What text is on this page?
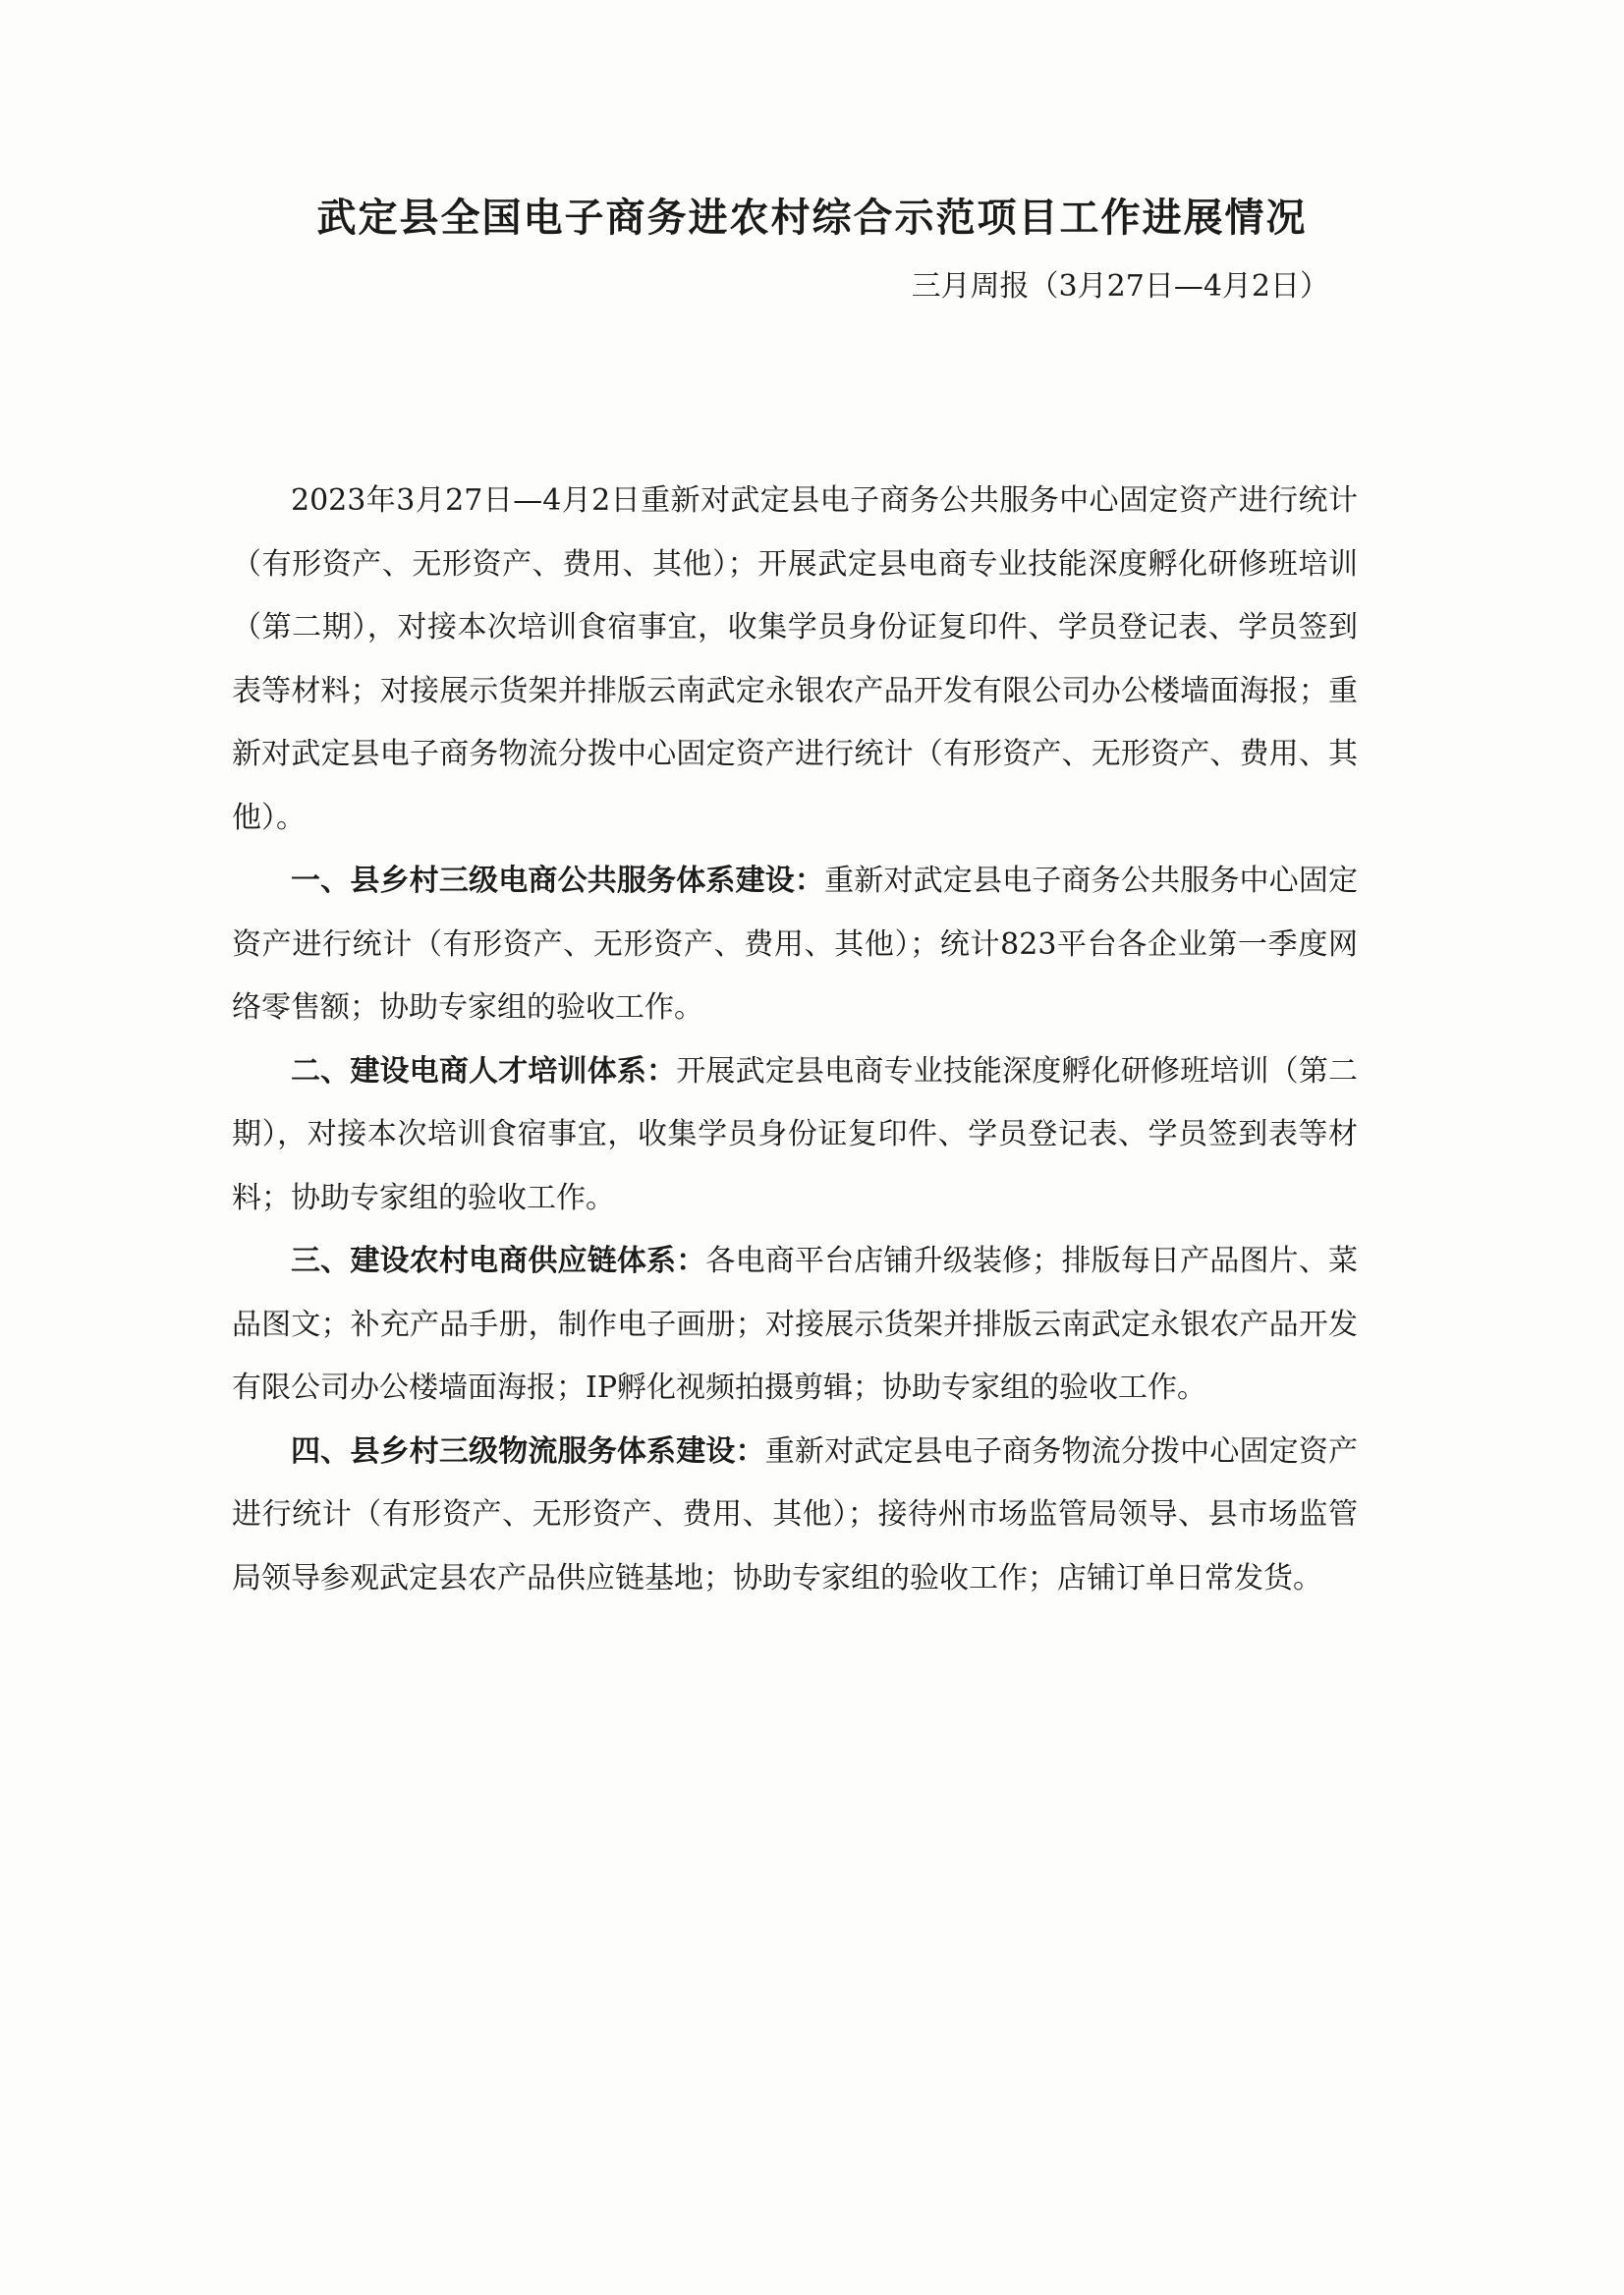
武定县全国电子商务进农村综合示范项目工作进展情况

三月周报（3月27日—4月2日）

2023年3月27日—4月2日重新对武定县电子商务公共服务中心固定资产进行统计（有形资产、无形资产、费用、其他）；开展武定县电商专业技能深度孵化研修班培训（第二期），对接本次培训食宿事宜，收集学员身份证复印件、学员登记表、学员签到表等材料；对接展示货架并排版云南武定永银农产品开发有限公司办公楼墙面海报；重新对武定县电子商务物流分拨中心固定资产进行统计（有形资产、无形资产、费用、其他）。

一、县乡村三级电商公共服务体系建设：重新对武定县电子商务公共服务中心固定资产进行统计（有形资产、无形资产、费用、其他）；统计823平台各企业第一季度网络零售额；协助专家组的验收工作。

二、建设电商人才培训体系：开展武定县电商专业技能深度孵化研修班培训（第二期），对接本次培训食宿事宜，收集学员身份证复印件、学员登记表、学员签到表等材料；协助专家组的验收工作。

三、建设农村电商供应链体系：各电商平台店铺升级装修；排版每日产品图片、菜品图文；补充产品手册，制作电子画册；对接展示货架并排版云南武定永银农产品开发有限公司办公楼墙面海报；IP孵化视频拍摄剪辑；协助专家组的验收工作。

四、县乡村三级物流服务体系建设：重新对武定县电子商务物流分拨中心固定资产进行统计（有形资产、无形资产、费用、其他）；接待州市场监管局领导、县市场监管局领导参观武定县农产品供应链基地；协助专家组的验收工作；店铺订单日常发货。
